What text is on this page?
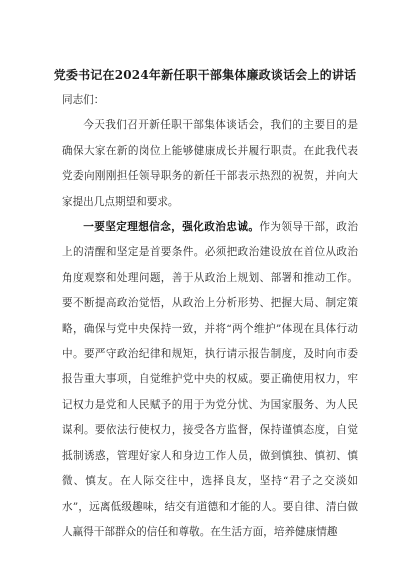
党委书记在2024年新任职干部集体廉政谈话会上的讲话

同志们：

今天我们召开新任职干部集体谈话会，我们的主要目的是确保大家在新的岗位上能够健康成长并履行职责。在此我代表党委向刚刚担任领导职务的新任干部表示热烈的祝贺，并向大家提出几点期望和要求。

一要坚定理想信念，强化政治忠诚。作为领导干部，政治上的清醒和坚定是首要条件。必须把政治建设放在首位从政治角度观察和处理问题，善于从政治上规划、部署和推动工作。要不断提高政治觉悟，从政治上分析形势、把握大局、制定策略，确保与党中央保持一致，并将“两个维护”体现在具体行动中。要严守政治纪律和规矩，执行请示报告制度，及时向市委报告重大事项，自觉维护党中央的权威。要正确使用权力，牢记权力是党和人民赋予的用于为党分忧、为国家服务、为人民谋利。要依法行使权力，接受各方监督，保持谨慎态度，自觉抵制诱惑，管理好家人和身边工作人员，做到慎独、慎初、慎微、慎友。在人际交往中，选择良友，坚持“君子之交淡如水”，远离低级趣味，结交有道德和才能的人。要自律、清白做人赢得干部群众的信任和尊敬。在生活方面，培养健康情趣
